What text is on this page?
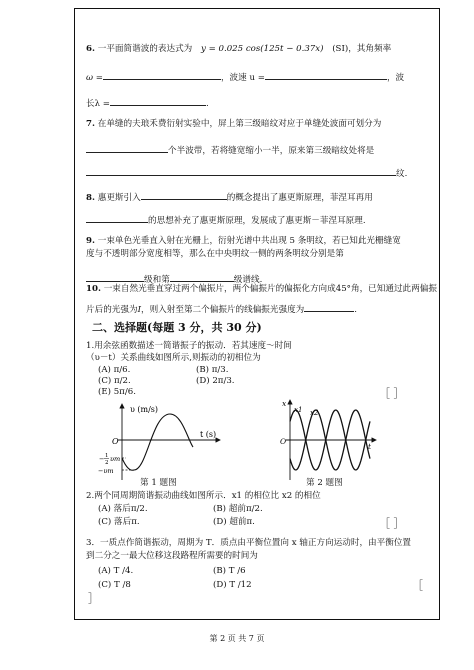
6. 一平面简谐波的表达式为 y = 0.025 cos(125t − 0.37x) (SI)，其角频率
ω =	，波速 u =	，波
长λ =	.
7. 在单缝的夫琅禾费衍射实验中，屏上第三级暗纹对应于单缝处波面可划分为
个半波带，若将缝宽缩小一半，原来第三级暗纹处将是
纹.
8. 惠更斯引入	的概念提出了惠更斯原理，菲涅耳再用
的思想补充了惠更斯原理，发展成了惠更斯－菲涅耳原理.
9. 一束单色光垂直入射在光栅上，衍射光谱中共出现 5 条明纹，若已知此光栅缝宽
度与不透明部分宽度相等，那么在中央明纹一侧的两条明纹分别是第
级和第	级谱线.
10. 一束自然光垂直穿过两个偏振片，两个偏振片的偏振化方向成45°角，已知通过此两偏振
片后的光强为I，则入射至第二个偏振片的线偏振光强度为	.
二、选择题(每题 3 分，共 30 分)
1.用余弦函数描述一简谐振子的振动．若其速度～时间
（υ－t）关系曲线如图所示,则振动的初相位为
(A) π/6.	(B) π/3.
(C) π/2.	(D) 2π/3.
(E) 5π/6.	［ ］
υ (m/s)
t (s)
O
− 1
2 υm
−υm
第 1 题图
x
t
O
x1 x2
第 2 题图
2.两个同周期简谐振动曲线如图所示．x1 的相位比 x2 的相位
(A) 落后π/2.	(B) 超前π/2.
(C) 落后π.	(D) 超前π.	［ ］
3．一质点作简谐振动，周期为 T．质点由平衡位置向 x 轴正方向运动时，由平衡位置
到二分之一最大位移这段路程所需要的时间为
(A) T /4.	(B) T /6
(C) T /8	(D) T /12	［
］
第 2 页 共 7 页
